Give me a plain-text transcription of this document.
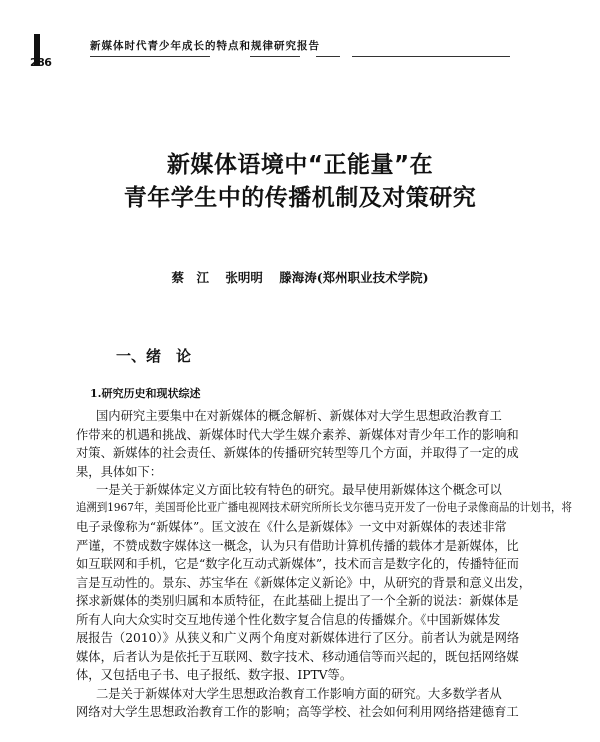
286
新媒体时代青少年成长的特点和规律研究报告
新媒体语境中“正能量”在
青年学生中的传播机制及对策研究
蔡　江 张明明 滕海涛(郑州职业技术学院)
一、绪　论
1.研究历史和现状综述
国内研究主要集中在对新媒体的概念解析、新媒体对大学生思想政治教育工
作带来的机遇和挑战、新媒体时代大学生媒介素养、新媒体对青少年工作的影响和
对策、新媒体的社会责任、新媒体的传播研究转型等几个方面，并取得了一定的成
果，具体如下：
一是关于新媒体定义方面比较有特色的研究。最早使用新媒体这个概念可以
追溯到1967年，美国哥伦比亚广播电视网技术研究所所长戈尔德马克开发了一份电子录像商品的计划书，将
电子录像称为“新媒体”。匡文波在《什么是新媒体》一文中对新媒体的表述非常
严谨，不赞成数字媒体这一概念，认为只有借助计算机传播的载体才是新媒体，比
如互联网和手机，它是“数字化互动式新媒体”，技术而言是数字化的，传播特征而
言是互动性的。景东、苏宝华在《新媒体定义新论》中，从研究的背景和意义出发，
探求新媒体的类别归属和本质特征，在此基础上提出了一个全新的说法：新媒体是
所有人向大众实时交互地传递个性化数字复合信息的传播媒介。《中国新媒体发
展报告（2010）》从狭义和广义两个角度对新媒体进行了区分。前者认为就是网络
媒体，后者认为是依托于互联网、数字技术、移动通信等而兴起的，既包括网络媒
体，又包括电子书、电子报纸、数字报、IPTV等。
二是关于新媒体对大学生思想政治教育工作影响方面的研究。大多数学者从
网络对大学生思想政治教育工作的影响；高等学校、社会如何利用网络搭建德育工
